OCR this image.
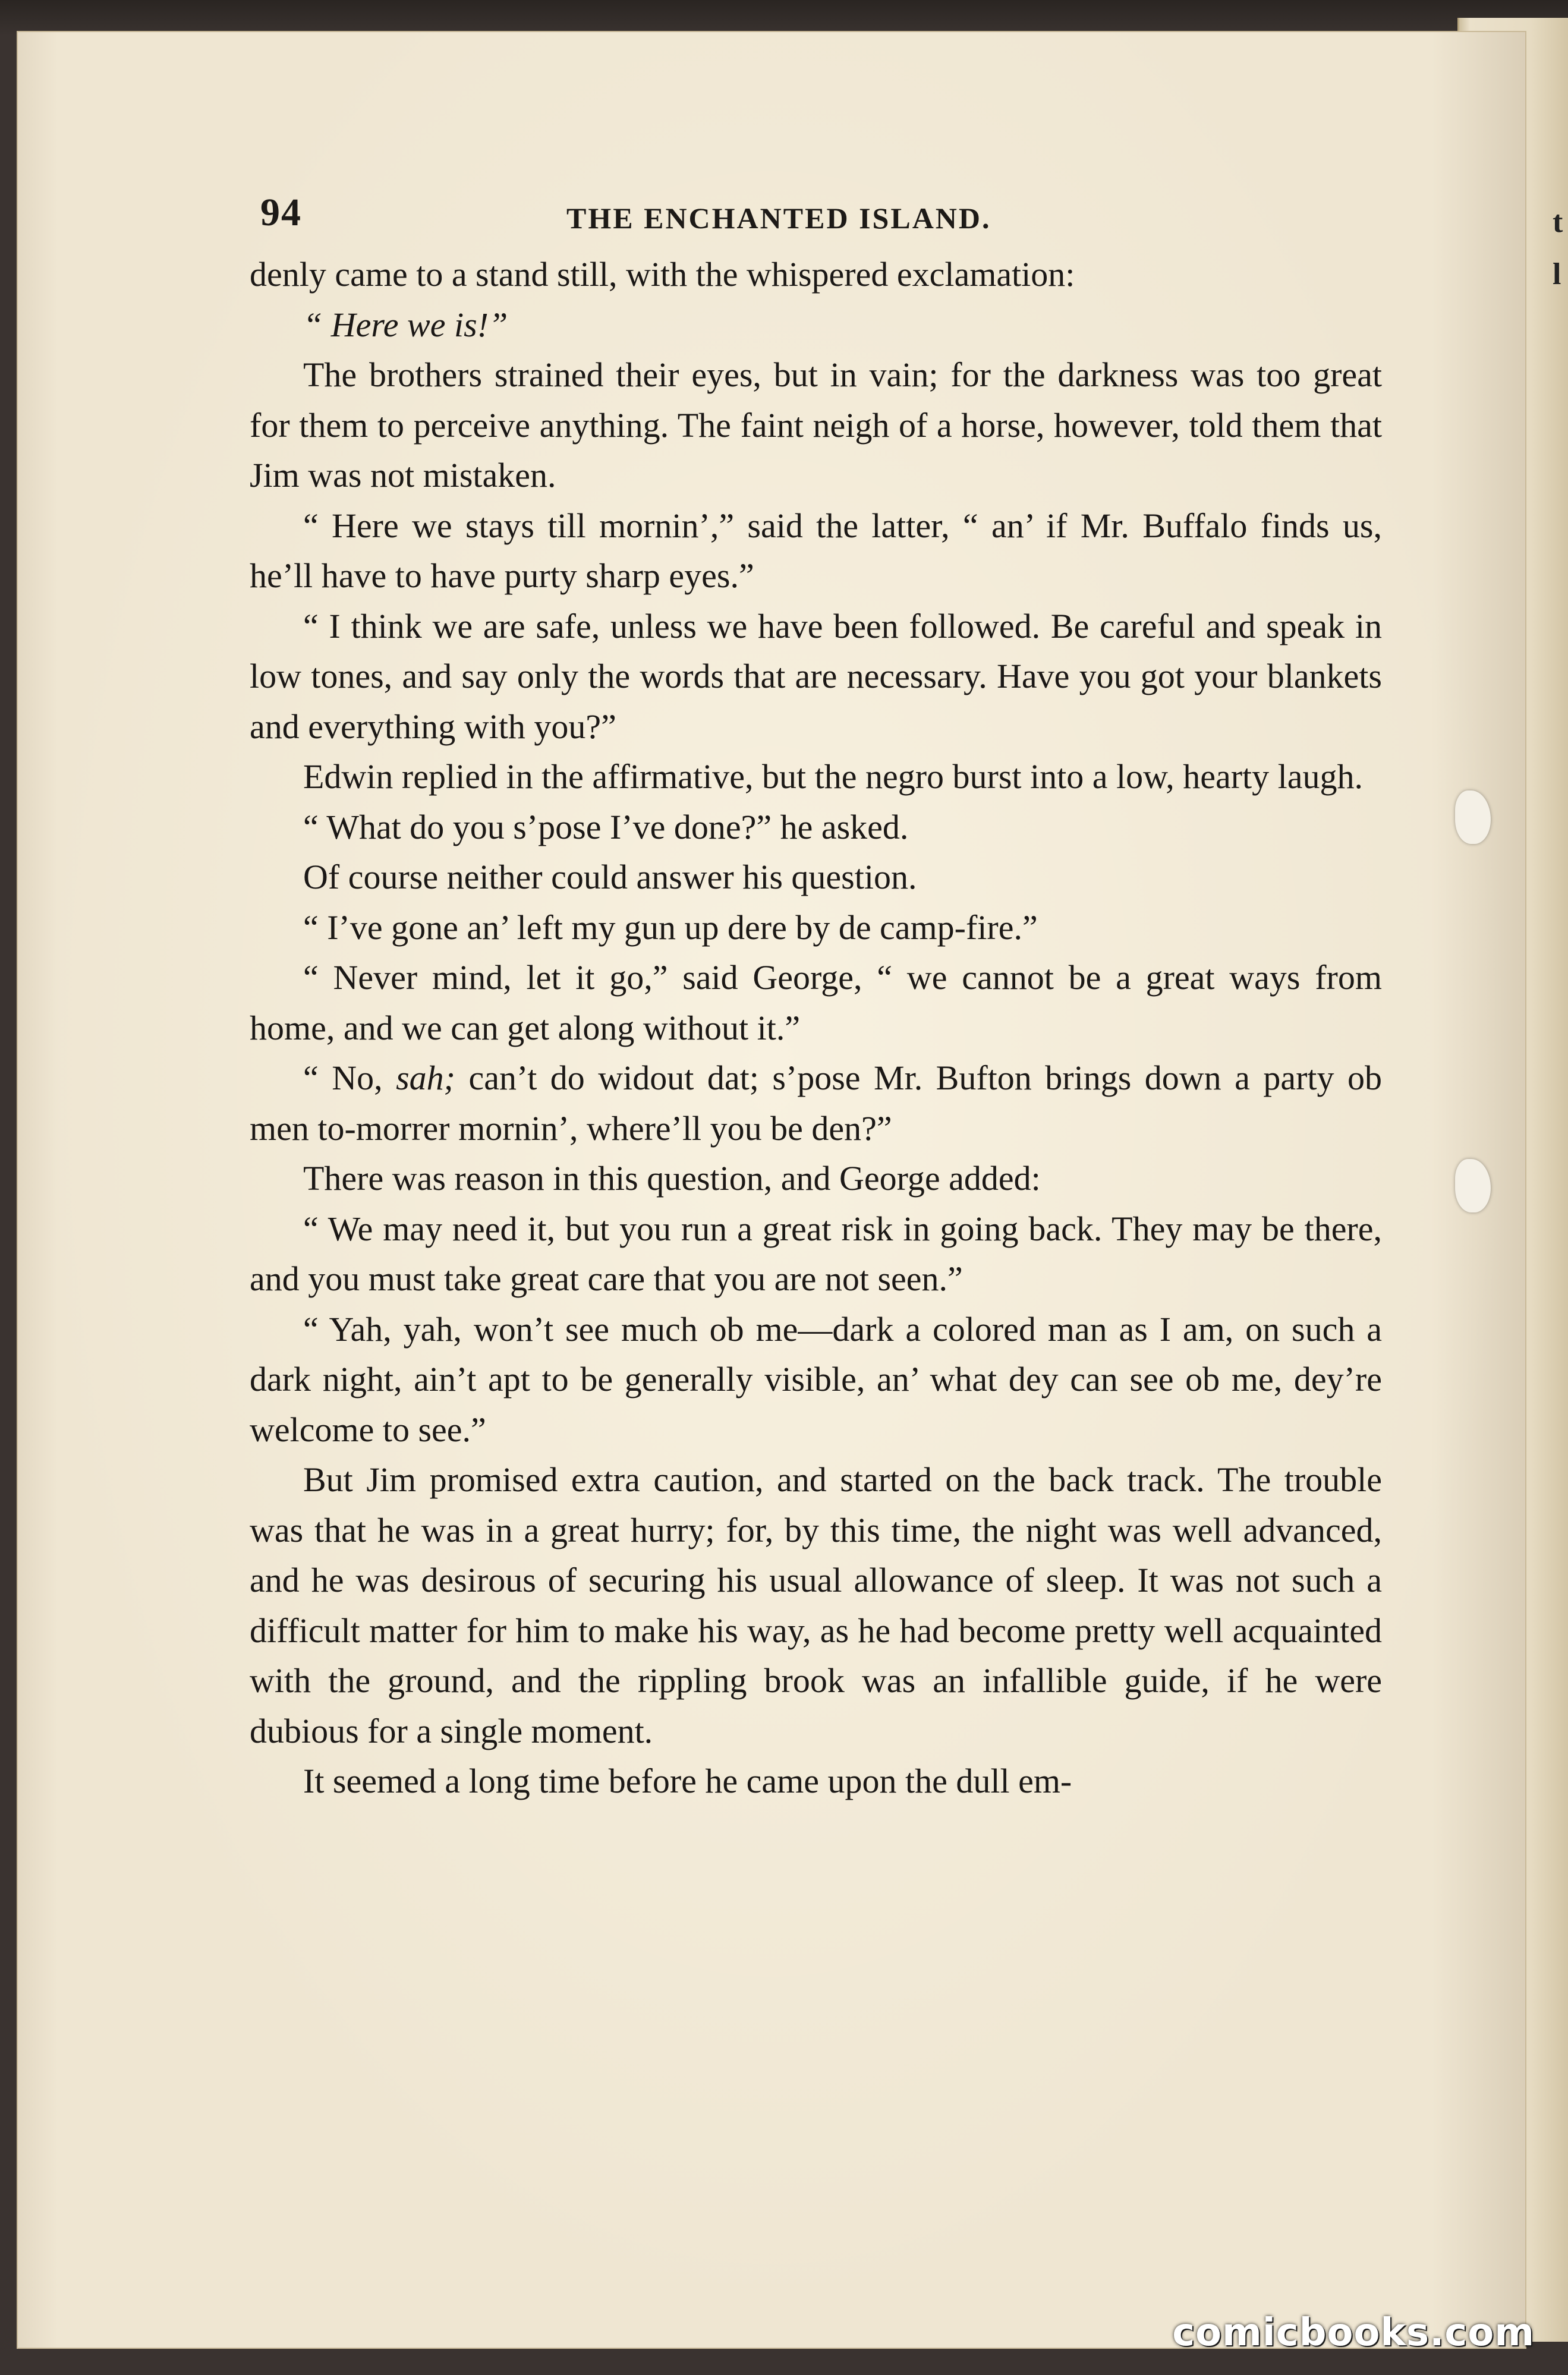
t
l
94	THE ENCHANTED ISLAND.

denly came to a stand still, with the whispered exclamation:

“ Here we is!”

The brothers strained their eyes, but in vain; for the darkness was too great for them to perceive anything. The faint neigh of a horse, however, told them that Jim was not mistaken.

“ Here we stays till mornin’,” said the latter, “ an’ if Mr. Buffalo finds us, he’ll have to have purty sharp eyes.”

“ I think we are safe, unless we have been followed. Be careful and speak in low tones, and say only the words that are necessary. Have you got your blankets and everything with you?”

Edwin replied in the affirmative, but the negro burst into a low, hearty laugh.

“ What do you s’pose I’ve done?” he asked.

Of course neither could answer his question.

“ I’ve gone an’ left my gun up dere by de camp-fire.”

“ Never mind, let it go,” said George, “ we cannot be a great ways from home, and we can get along without it.”

“ No, sah; can’t do widout dat; s’pose Mr. Bufton brings down a party ob men to-morrer mornin’, where’ll you be den?”

There was reason in this question, and George added:

“ We may need it, but you run a great risk in going back. They may be there, and you must take great care that you are not seen.”

“ Yah, yah, won’t see much ob me—dark a colored man as I am, on such a dark night, ain’t apt to be generally visible, an’ what dey can see ob me, dey’re welcome to see.”

But Jim promised extra caution, and started on the back track. The trouble was that he was in a great hurry; for, by this time, the night was well advanced, and he was desirous of securing his usual allowance of sleep. It was not such a difficult matter for him to make his way, as he had become pretty well acquainted with the ground, and the rippling brook was an infallible guide, if he were dubious for a single moment.

It seemed a long time before he came upon the dull em-

comicbooks.com
